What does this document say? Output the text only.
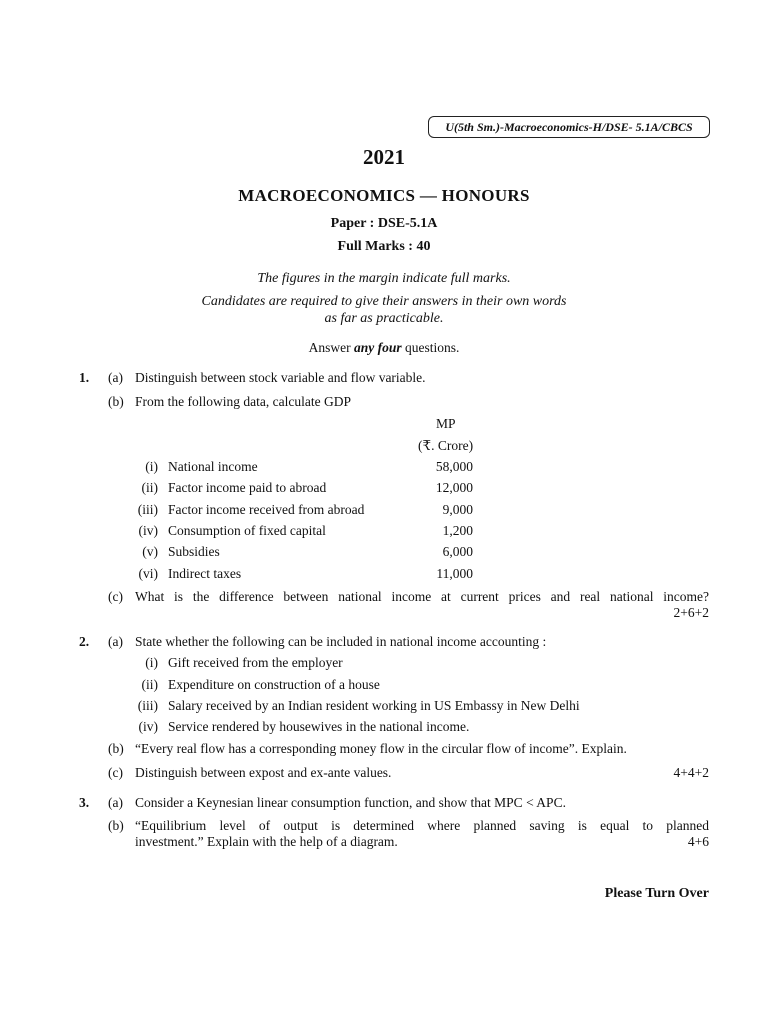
U(5th Sm.)-Macroeconomics-H/DSE- 5.1A/CBCS
2021
MACROECONOMICS — HONOURS
Paper : DSE-5.1A
Full Marks : 40
The figures in the margin indicate full marks.
Candidates are required to give their answers in their own words
as far as practicable.
Answer any four questions.
1. (a) Distinguish between stock variable and flow variable.
(b) From the following data, calculate GDP
MP
(₹. Crore)
(i) National income	58,000
(ii) Factor income paid to abroad	12,000
(iii) Factor income received from abroad	9,000
(iv) Consumption of fixed capital	1,200
(v) Subsidies	6,000
(vi) Indirect taxes	11,000
(c) What is the difference between national income at current prices and real national income?
2+6+2
2. (a) State whether the following can be included in national income accounting :
(i) Gift received from the employer
(ii) Expenditure on construction of a house
(iii) Salary received by an Indian resident working in US Embassy in New Delhi
(iv) Service rendered by housewives in the national income.
(b) “Every real flow has a corresponding money flow in the circular flow of income”. Explain.
(c) Distinguish between expost and ex-ante values.	4+4+2
3. (a) Consider a Keynesian linear consumption function, and show that MPC < APC.
(b) “Equilibrium level of output is determined where planned saving is equal to planned
investment.” Explain with the help of a diagram.	4+6
Please Turn Over
